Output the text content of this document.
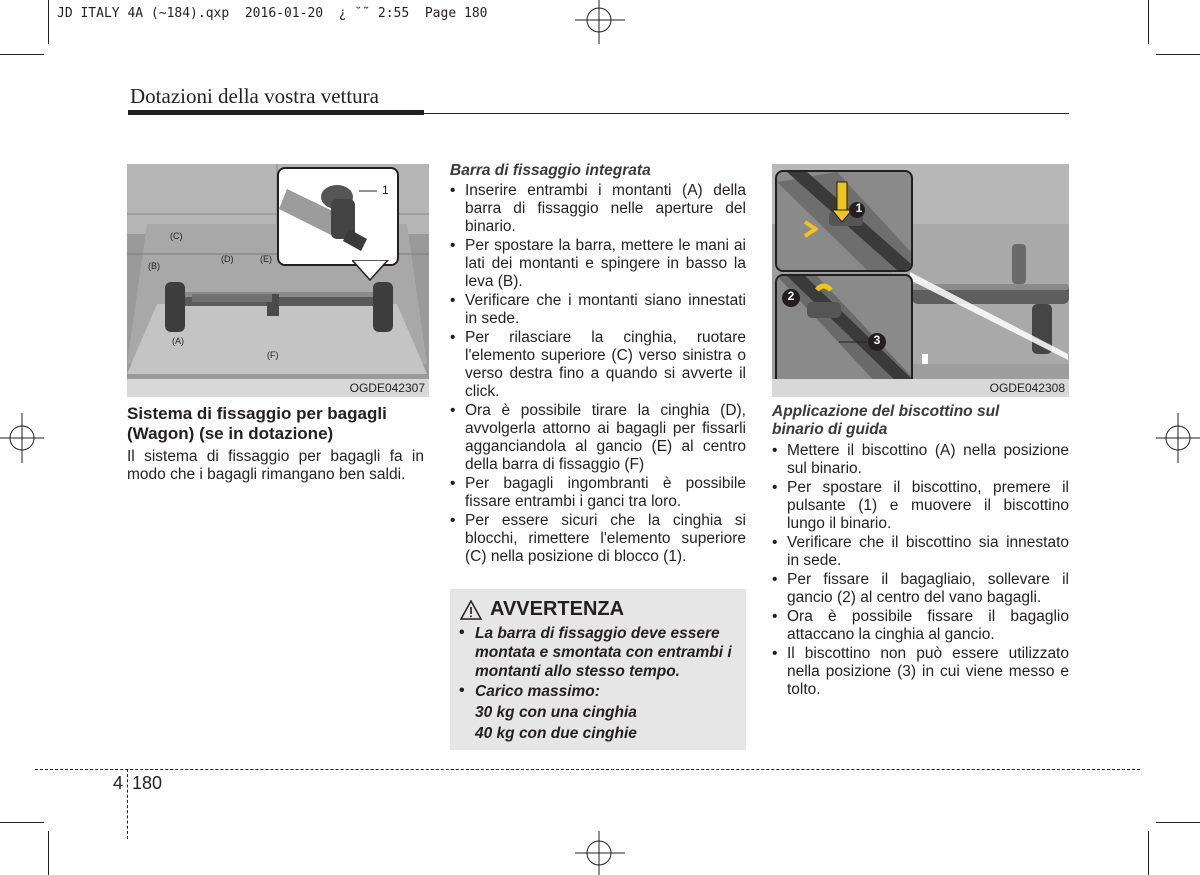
JD ITALY 4A (~184).qxp  2016-01-20  ¿ ˘˜ 2:55  Page 180
Dotazioni della vostra vettura
1
(C)
(B)
(D)	(E)
(A)
(F)
OGDE042307

Sistema di fissaggio per bagagli

(Wagon) (se in dotazione)

Il sistema di fissaggio per bagagli fa in modo che i bagagli rimangano ben saldi.

Barra di fissaggio integrata

• Inserire entrambi i montanti (A) della barra di fissaggio nelle aperture del binario.
• Per spostare la barra, mettere le mani ai lati dei montanti e spingere in basso la leva (B).
• Verificare che i montanti siano innestati in sede.
• Per rilasciare la cinghia, ruotare l'elemento superiore (C) verso sinistra o verso destra fino a quando si avverte il click.
• Ora è possibile tirare la cinghia (D), avvolgerla attorno ai bagagli per fissarli agganciandola al gancio (E) al centro della barra di fissaggio (F)
• Per bagagli ingombranti è possibile fissare entrambi i ganci tra loro.
• Per essere sicuri che la cinghia si blocchi, rimettere l'elemento superiore (C) nella posizione di blocco (1).
AVVERTENZA
• La barra di fissaggio deve essere montata e smontata con entrambi i montanti allo stesso tempo.
• Carico massimo:
30 kg con una cinghia
40 kg con due cinghie
1
2
3
OGDE042308

Applicazione del biscottino sul

binario di guida

• Mettere il biscottino (A) nella posizione sul binario.
• Per spostare il biscottino, premere il pulsante (1) e muovere il biscottino lungo il binario.
• Verificare che il biscottino sia innestato in sede.
• Per fissare il bagagliaio, sollevare il gancio (2) al centro del vano bagagli.
• Ora è possibile fissare il bagaglio attaccano la cinghia al gancio.
• Il biscottino non può essere utilizzato nella posizione (3) in cui viene messo e tolto.
4 180
